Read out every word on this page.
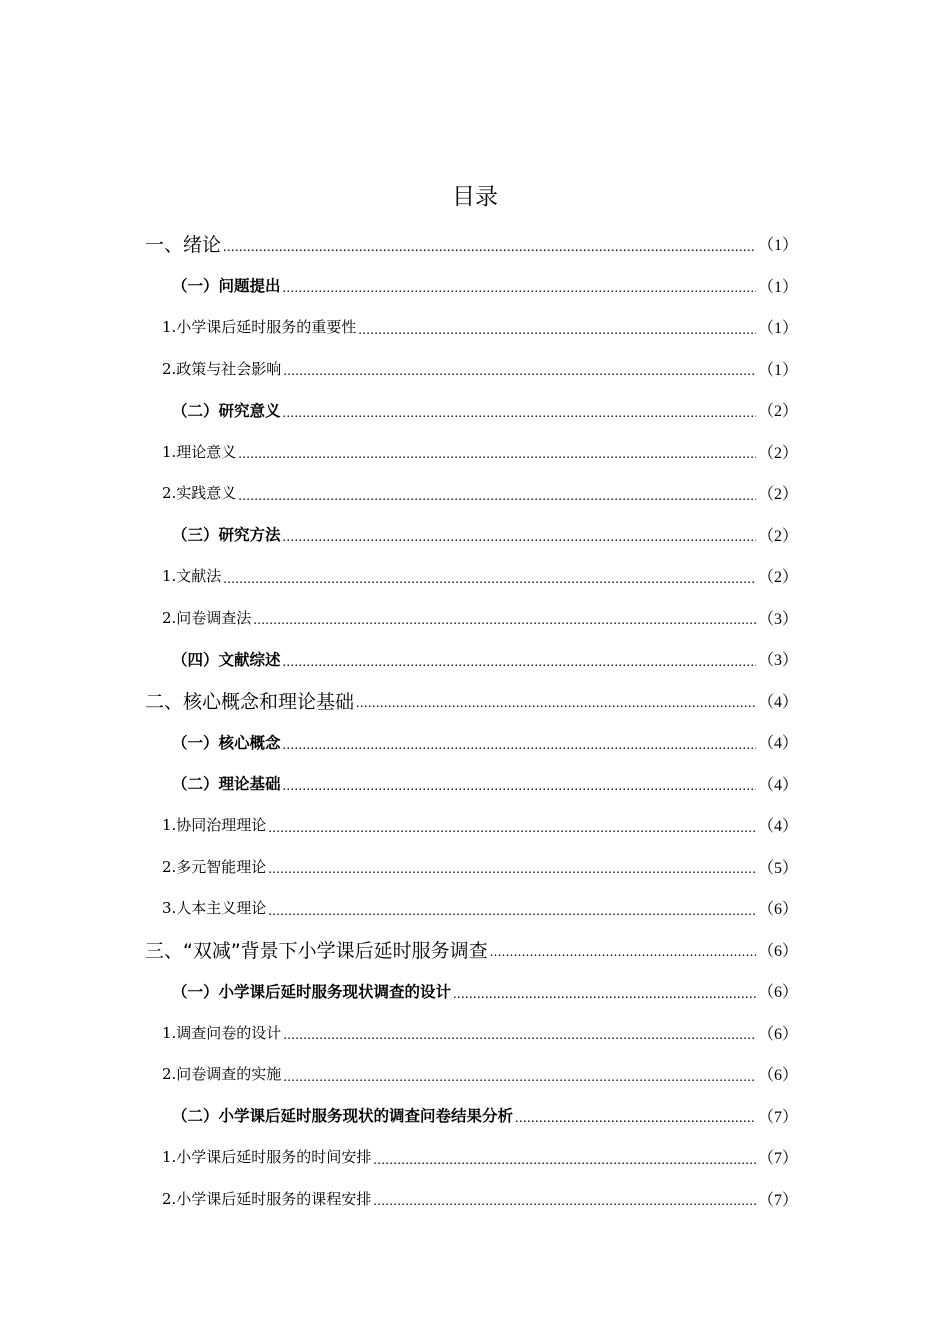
目录
一、绪论 .....	（1）
（一）问题提出 .....	（1）
1.小学课后延时服务的重要性 .....	（1）
2.政策与社会影响 .....	（1）
（二）研究意义 .....	（2）
1.理论意义 .....	（2）
2.实践意义 .....	（2）
（三）研究方法 .....	（2）
1.文献法 .....	（2）
2.问卷调查法 .....	（3）
（四）文献综述 .....	（3）
二、核心概念和理论基础 .....	（4）
（一）核心概念 .....	（4）
（二）理论基础 .....	（4）
1.协同治理理论 .....	（4）
2.多元智能理论 .....	（5）
3.人本主义理论 .....	（6）
三、“双减”背景下小学课后延时服务调查 .....	（6）
（一）小学课后延时服务现状调查的设计 .....	（6）
1.调查问卷的设计 .....	（6）
2.问卷调查的实施 .....	（6）
（二）小学课后延时服务现状的调查问卷结果分析 .....	（7）
1.小学课后延时服务的时间安排 .....	（7）
2.小学课后延时服务的课程安排 .....	（7）
